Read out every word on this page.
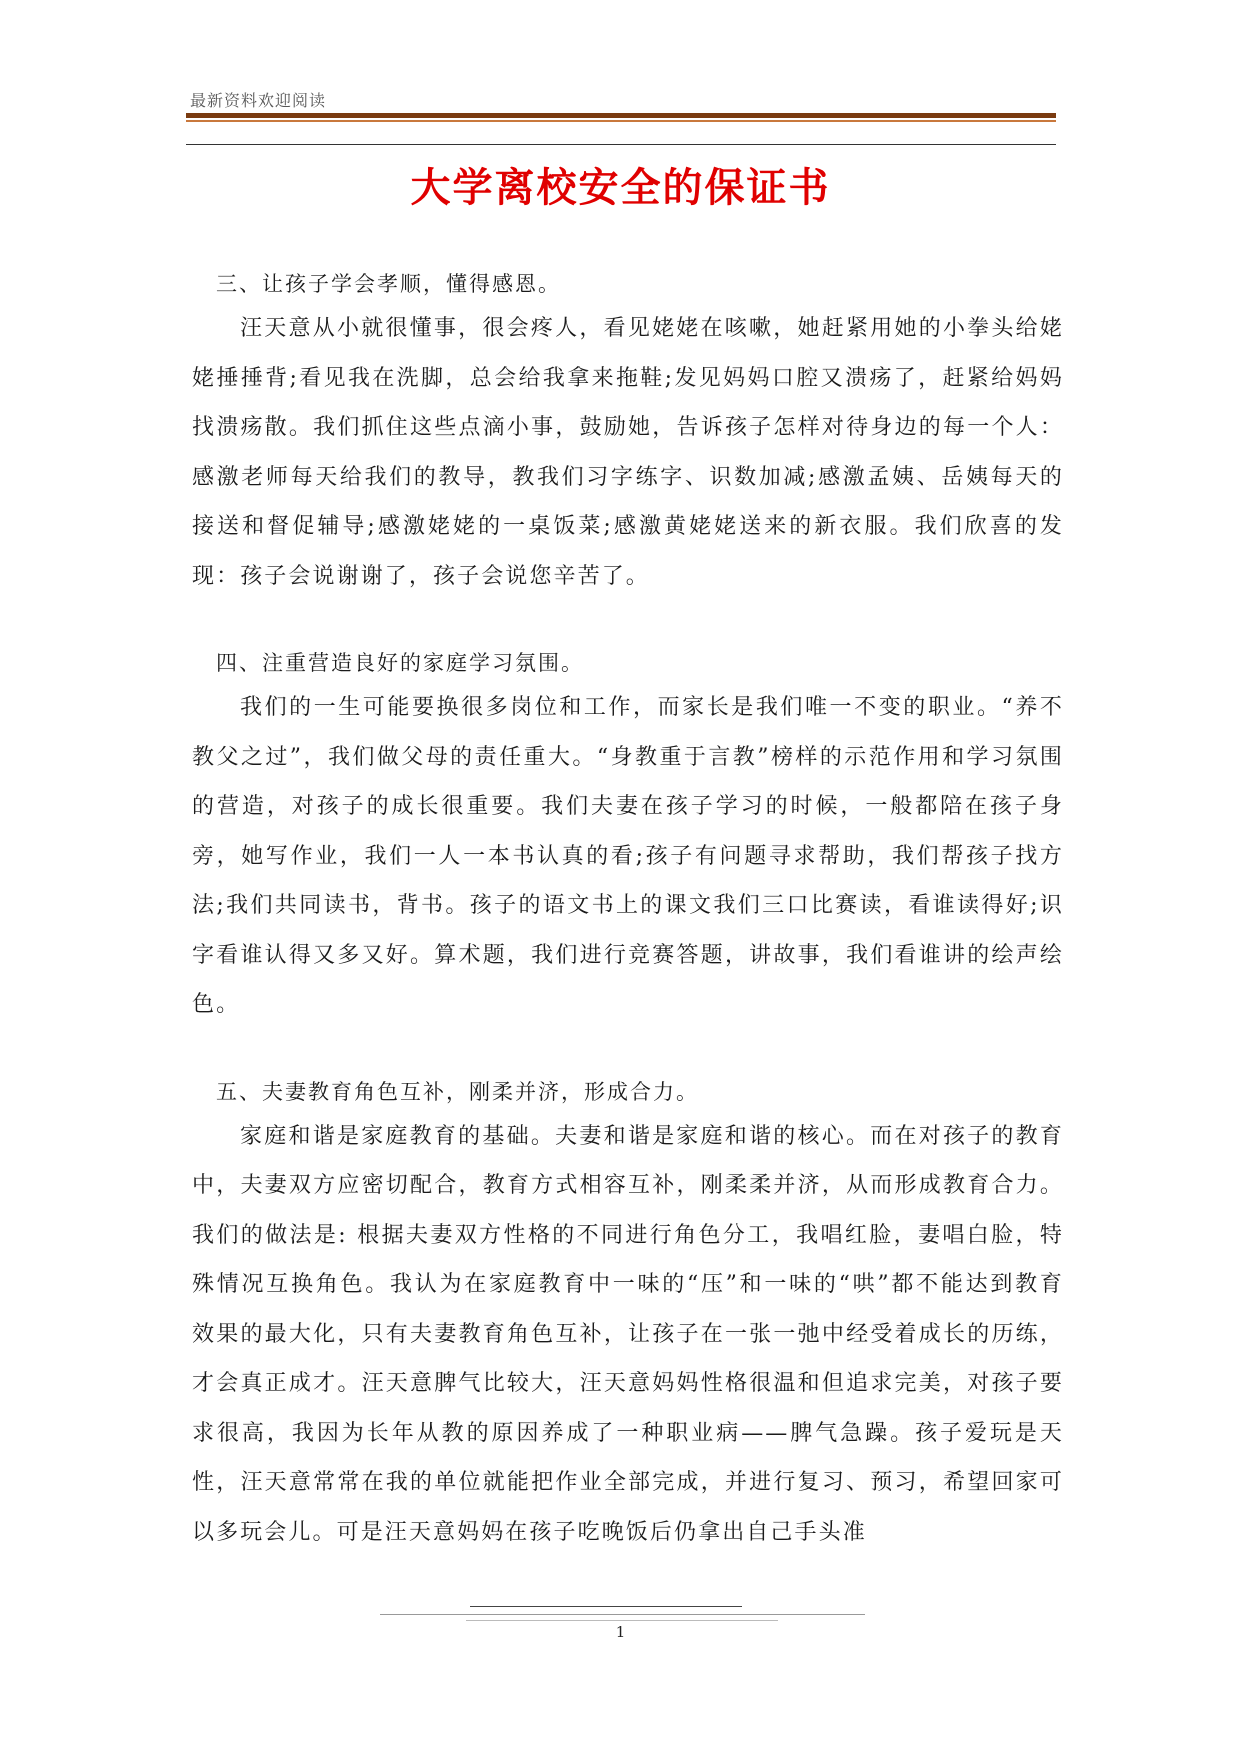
最新资料欢迎阅读
大学离校安全的保证书

三、让孩子学会孝顺，懂得感恩。

汪天意从小就很懂事，很会疼人，看见姥姥在咳嗽，她赶紧用她的小拳头给姥姥捶捶背;看见我在洗脚，总会给我拿来拖鞋;发见妈妈口腔又溃疡了，赶紧给妈妈找溃疡散。我们抓住这些点滴小事，鼓励她，告诉孩子怎样对待身边的每一个人：感激老师每天给我们的教导，教我们习字练字、识数加减;感激孟姨、岳姨每天的接送和督促辅导;感激姥姥的一桌饭菜;感激黄姥姥送来的新衣服。我们欣喜的发现：孩子会说谢谢了，孩子会说您辛苦了。

四、注重营造良好的家庭学习氛围。

我们的一生可能要换很多岗位和工作，而家长是我们唯一不变的职业。“养不教父之过”，我们做父母的责任重大。“身教重于言教”榜样的示范作用和学习氛围的营造，对孩子的成长很重要。我们夫妻在孩子学习的时候，一般都陪在孩子身旁，她写作业，我们一人一本书认真的看;孩子有问题寻求帮助，我们帮孩子找方法;我们共同读书，背书。孩子的语文书上的课文我们三口比赛读，看谁读得好;识字看谁认得又多又好。算术题，我们进行竞赛答题，讲故事，我们看谁讲的绘声绘色。

五、夫妻教育角色互补，刚柔并济，形成合力。

家庭和谐是家庭教育的基础。夫妻和谐是家庭和谐的核心。而在对孩子的教育中，夫妻双方应密切配合，教育方式相容互补，刚柔柔并济，从而形成教育合力。我们的做法是: 根据夫妻双方性格的不同进行角色分工，我唱红脸，妻唱白脸，特殊情况互换角色。我认为在家庭教育中一味的“压”和一味的“哄”都不能达到教育效果的最大化，只有夫妻教育角色互补，让孩子在一张一弛中经受着成长的历练，才会真正成才。汪天意脾气比较大，汪天意妈妈性格很温和但追求完美，对孩子要求很高，我因为长年从教的原因养成了一种职业病——脾气急躁。孩子爱玩是天性，汪天意常常在我的单位就能把作业全部完成，并进行复习、预习，希望回家可以多玩会儿。可是汪天意妈妈在孩子吃晚饭后仍拿出自己手头准

1
